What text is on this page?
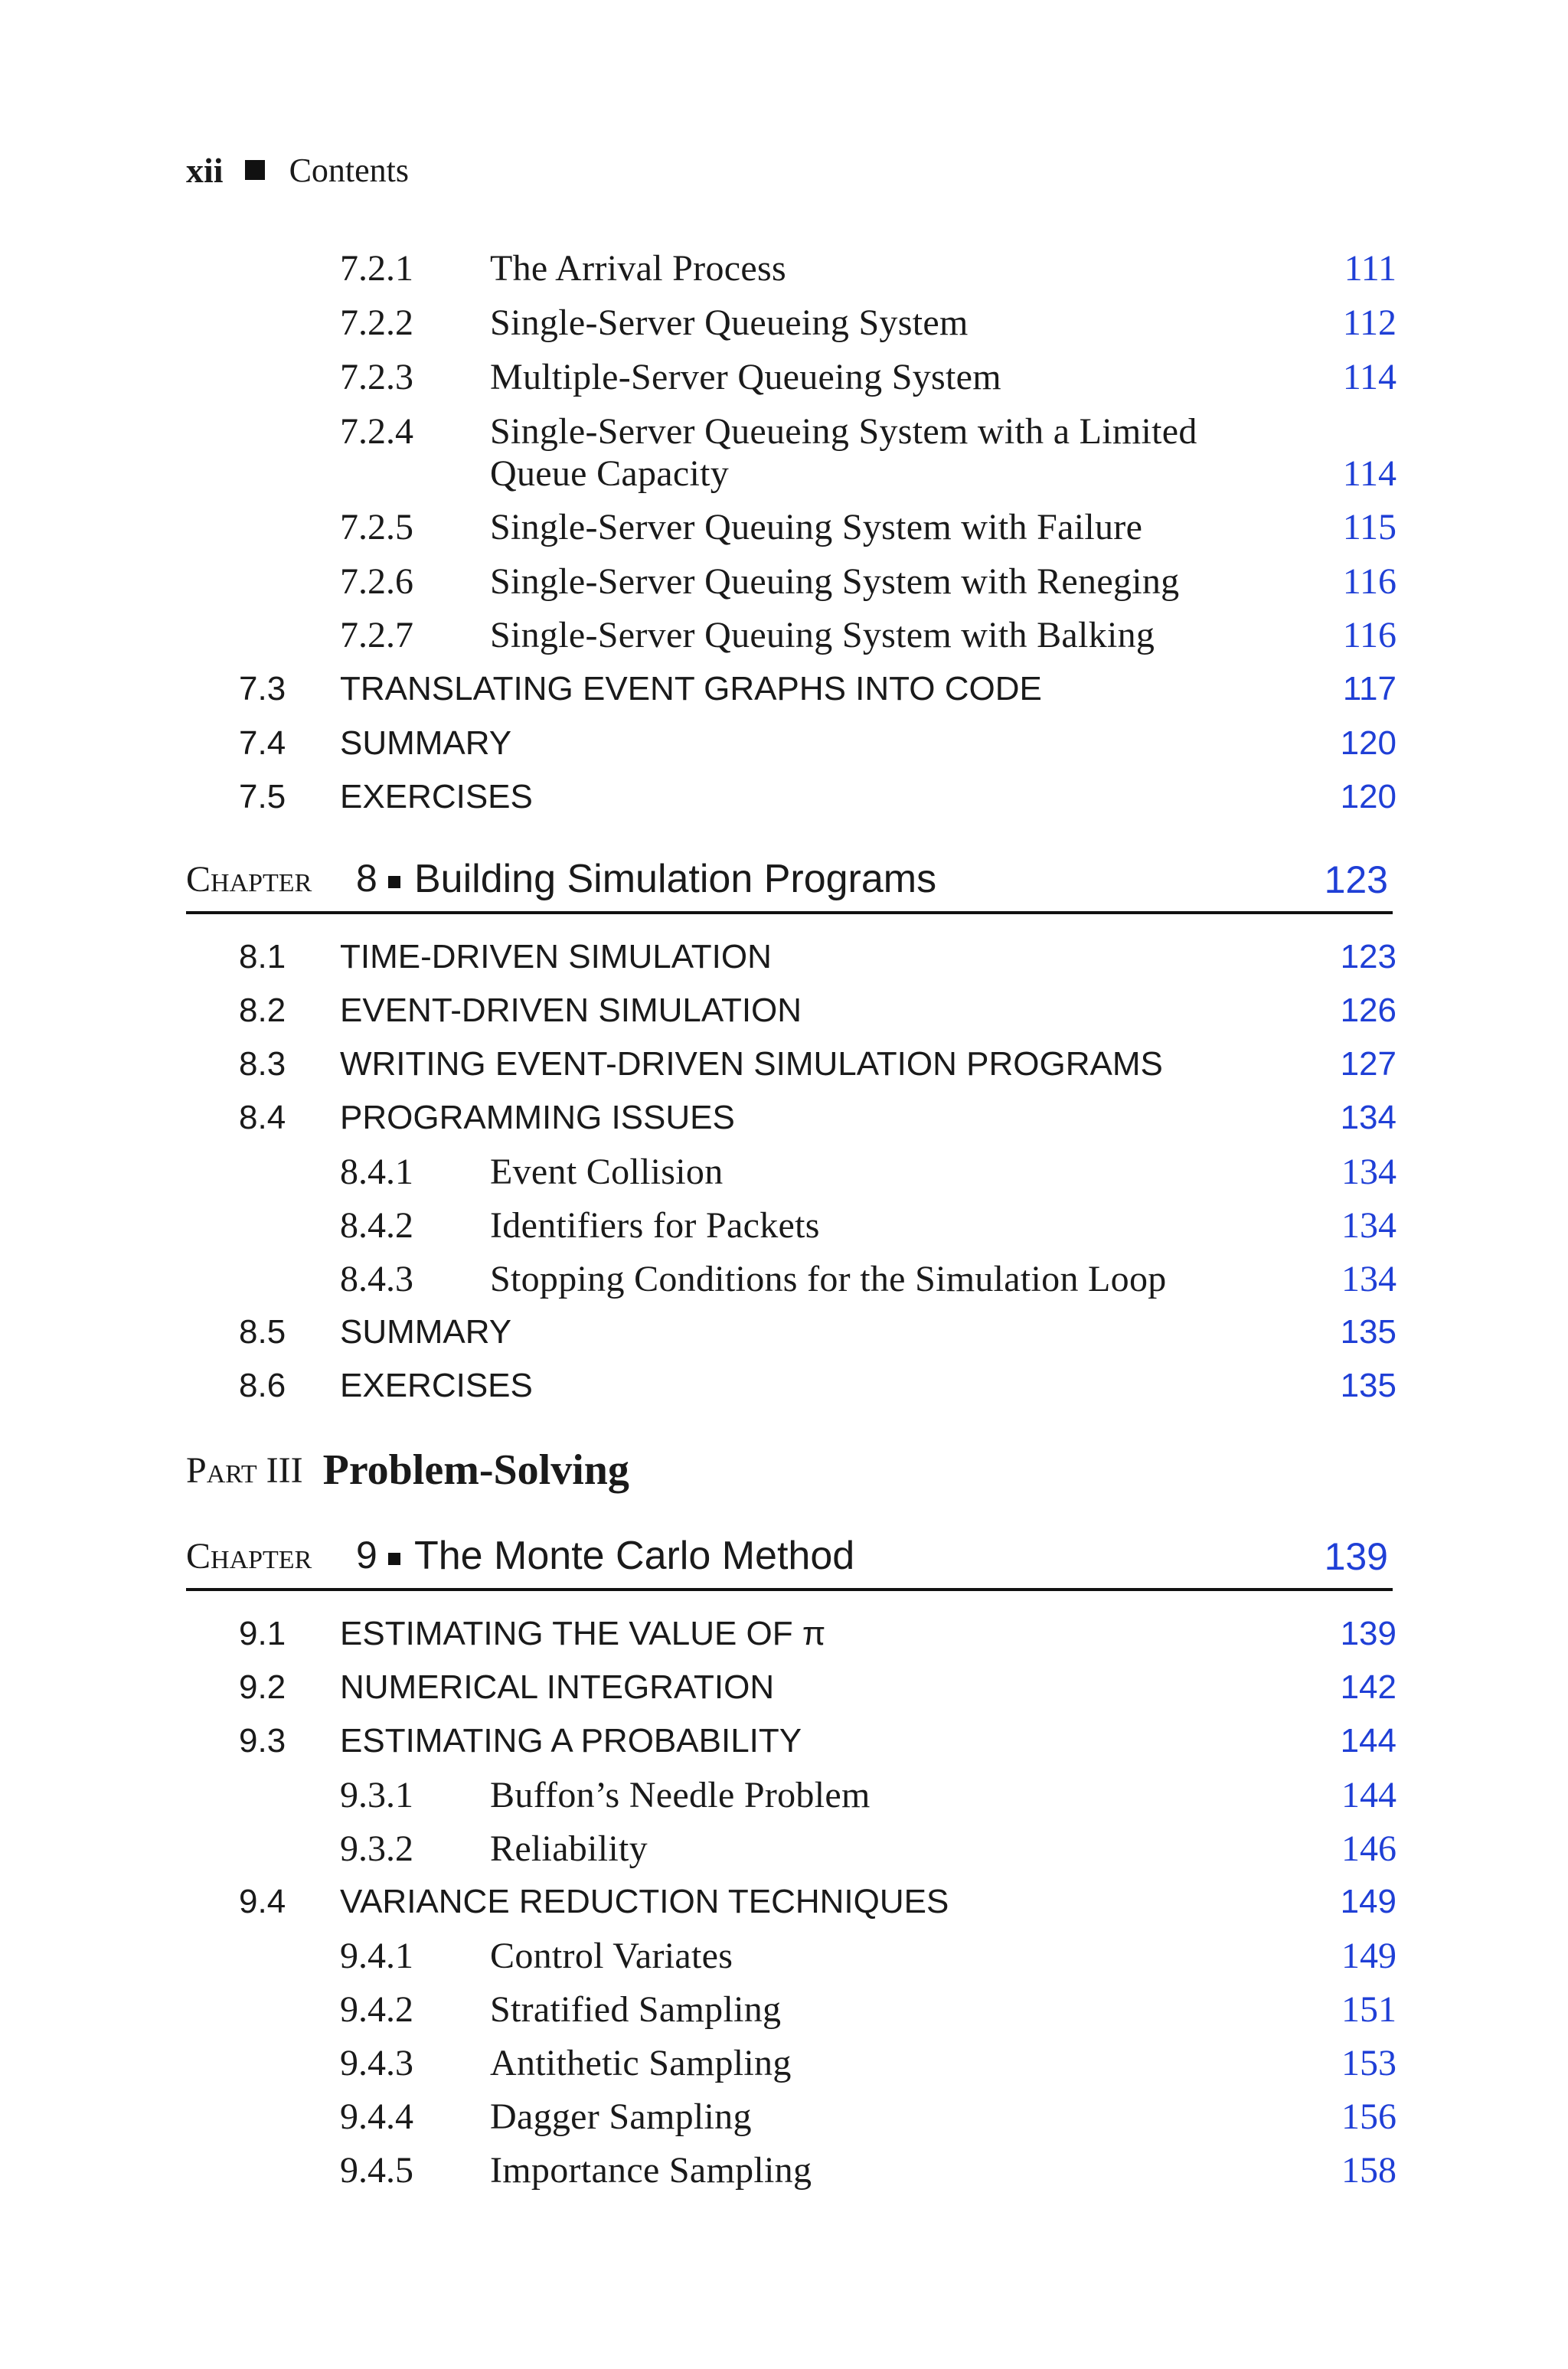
xii Contents
7.2.1 The Arrival Process	111
7.2.2 Single-Server Queueing System	112
7.2.3 Multiple-Server Queueing System	114
7.2.4 Single-Server Queueing System with a Limited
Queue Capacity	114
7.2.5 Single-Server Queuing System with Failure	115
7.2.6 Single-Server Queuing System with Reneging	116
7.2.7 Single-Server Queuing System with Balking	116
7.3 TRANSLATING EVENT GRAPHS INTO CODE	117
7.4 SUMMARY	120
7.5 EXERCISES	120
Chapter 8 Building Simulation Programs	123
8.1 TIME-DRIVEN SIMULATION	123
8.2 EVENT-DRIVEN SIMULATION	126
8.3 WRITING EVENT-DRIVEN SIMULATION PROGRAMS	127
8.4 PROGRAMMING ISSUES	134
8.4.1 Event Collision	134
8.4.2 Identifiers for Packets	134
8.4.3 Stopping Conditions for the Simulation Loop	134
8.5 SUMMARY	135
8.6 EXERCISES	135
Part III Problem-Solving
Chapter 9 The Monte Carlo Method	139
9.1 ESTIMATING THE VALUE OF π	139
9.2 NUMERICAL INTEGRATION	142
9.3 ESTIMATING A PROBABILITY	144
9.3.1 Buffon’s Needle Problem	144
9.3.2 Reliability	146
9.4 VARIANCE REDUCTION TECHNIQUES	149
9.4.1 Control Variates	149
9.4.2 Stratified Sampling	151
9.4.3 Antithetic Sampling	153
9.4.4 Dagger Sampling	156
9.4.5 Importance Sampling	158
